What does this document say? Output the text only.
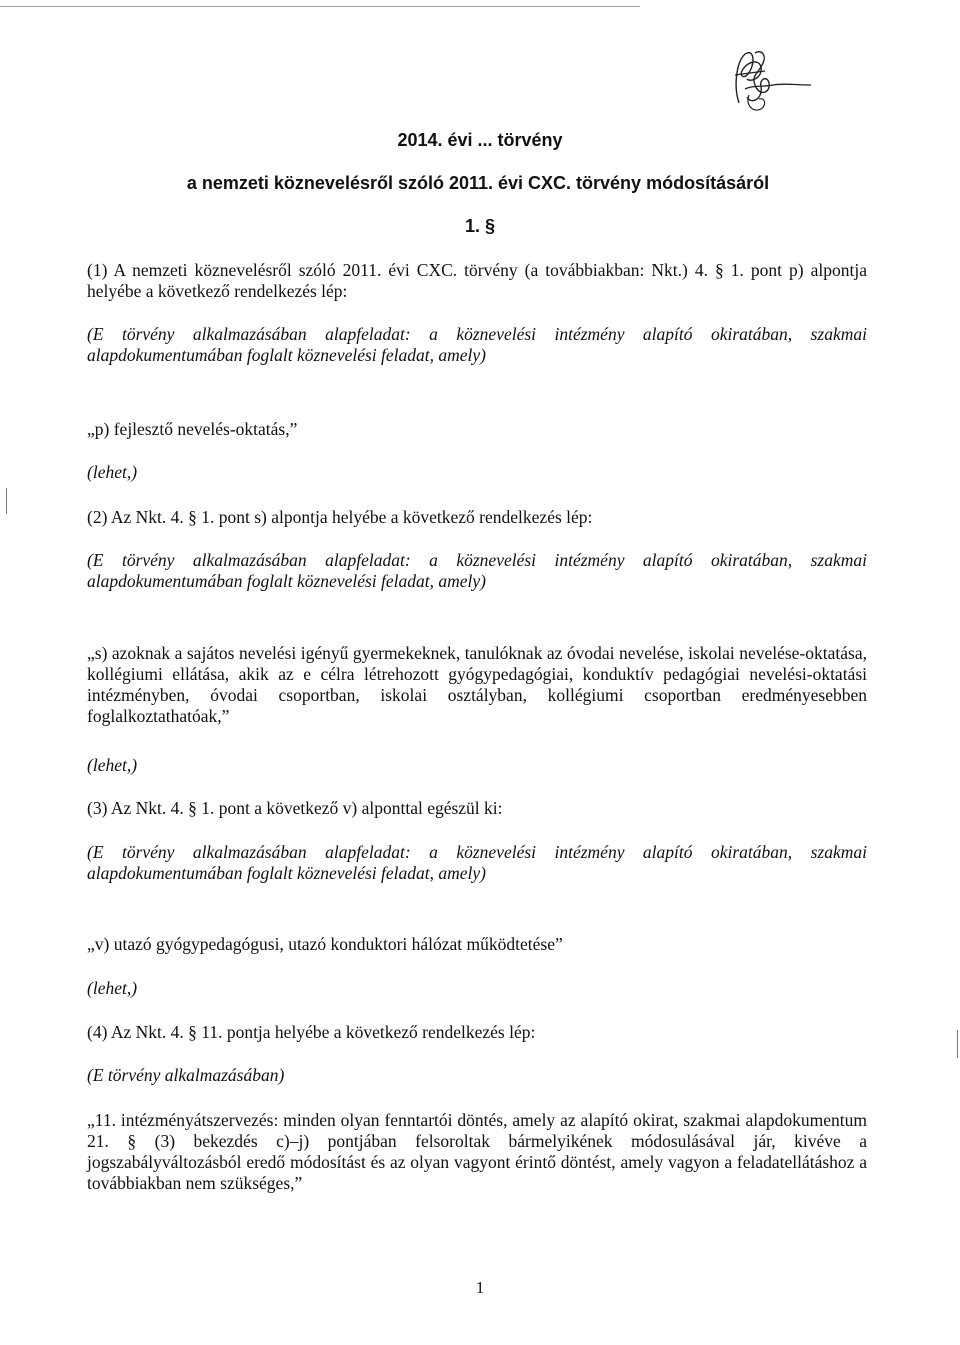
2014. évi ... törvény
a nemzeti köznevelésről szóló 2011. évi CXC. törvény módosításáról
1. §

(1) A nemzeti köznevelésről szóló 2011. évi CXC. törvény (a továbbiakban: Nkt.) 4. § 1. pont p) alpontja helyébe a következő rendelkezés lép:

(E törvény alkalmazásában alapfeladat: a köznevelési intézmény alapító okiratában, szakmai alapdokumentumában foglalt köznevelési feladat, amely)

„p) fejlesztő nevelés-oktatás,”

(lehet,)

(2) Az Nkt. 4. § 1. pont s) alpontja helyébe a következő rendelkezés lép:

(E törvény alkalmazásában alapfeladat: a köznevelési intézmény alapító okiratában, szakmai alapdokumentumában foglalt köznevelési feladat, amely)

„s) azoknak a sajátos nevelési igényű gyermekeknek, tanulóknak az óvodai nevelése, iskolai nevelése-oktatása, kollégiumi ellátása, akik az e célra létrehozott gyógypedagógiai, konduktív pedagógiai nevelési-oktatási intézményben, óvodai csoportban, iskolai osztályban, kollégiumi csoportban eredményesebben foglalkoztathatóak,”

(lehet,)

(3) Az Nkt. 4. § 1. pont a következő v) alponttal egészül ki:

(E törvény alkalmazásában alapfeladat: a köznevelési intézmény alapító okiratában, szakmai alapdokumentumában foglalt köznevelési feladat, amely)

„v) utazó gyógypedagógusi, utazó konduktori hálózat működtetése”

(lehet,)

(4) Az Nkt. 4. § 11. pontja helyébe a következő rendelkezés lép:

(E törvény alkalmazásában)

„11. intézményátszervezés: minden olyan fenntartói döntés, amely az alapító okirat, szakmai alapdokumentum 21. § (3) bekezdés c)–j) pontjában felsoroltak bármelyikének módosulásával jár, kivéve a jogszabályváltozásból eredő módosítást és az olyan vagyont érintő döntést, amely vagyon a feladatellátáshoz a továbbiakban nem szükséges,”

1
